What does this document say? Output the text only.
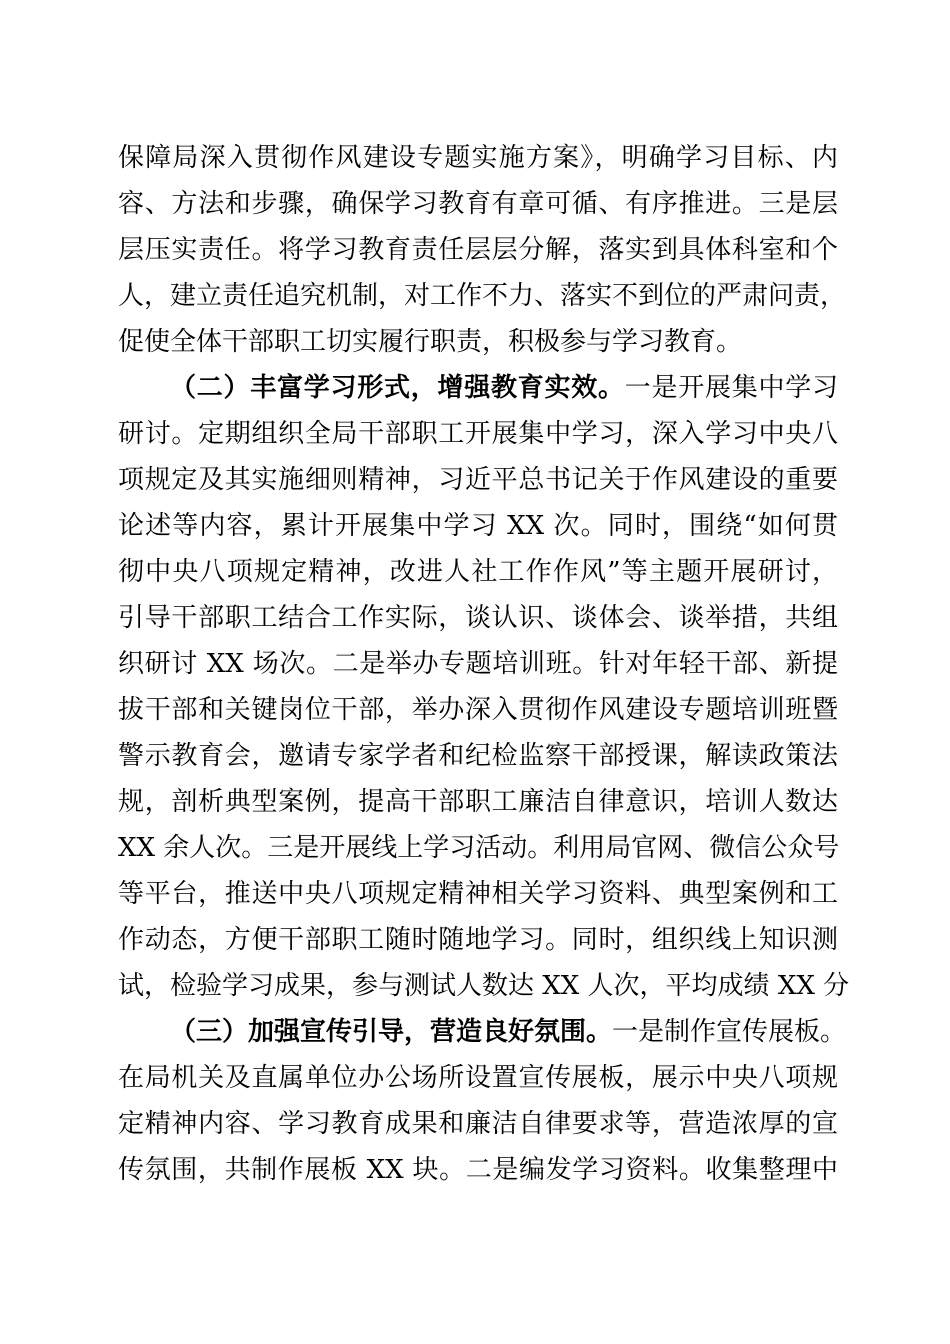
保障局深入贯彻作风建设专题实施方案》，明确学习目标、内
容、方法和步骤，确保学习教育有章可循、有序推进。三是层
层压实责任。将学习教育责任层层分解，落实到具体科室和个
人，建立责任追究机制，对工作不力、落实不到位的严肃问责，
促使全体干部职工切实履行职责，积极参与学习教育。
（二）丰富学习形式，增强教育实效。一是开展集中学习
研讨。定期组织全局干部职工开展集中学习，深入学习中央八
项规定及其实施细则精神，习近平总书记关于作风建设的重要
论述等内容，累计开展集中学习 XX 次。同时，围绕“如何贯
彻中央八项规定精神，改进人社工作作风”等主题开展研讨，
引导干部职工结合工作实际，谈认识、谈体会、谈举措，共组
织研讨 XX 场次。二是举办专题培训班。针对年轻干部、新提
拔干部和关键岗位干部，举办深入贯彻作风建设专题培训班暨
警示教育会，邀请专家学者和纪检监察干部授课，解读政策法
规，剖析典型案例，提高干部职工廉洁自律意识，培训人数达
XX 余人次。三是开展线上学习活动。利用局官网、微信公众号
等平台，推送中央八项规定精神相关学习资料、典型案例和工
作动态，方便干部职工随时随地学习。同时，组织线上知识测
试，检验学习成果，参与测试人数达 XX 人次，平均成绩 XX 分
（三）加强宣传引导，营造良好氛围。一是制作宣传展板。
在局机关及直属单位办公场所设置宣传展板，展示中央八项规
定精神内容、学习教育成果和廉洁自律要求等，营造浓厚的宣
传氛围，共制作展板 XX 块。二是编发学习资料。收集整理中
